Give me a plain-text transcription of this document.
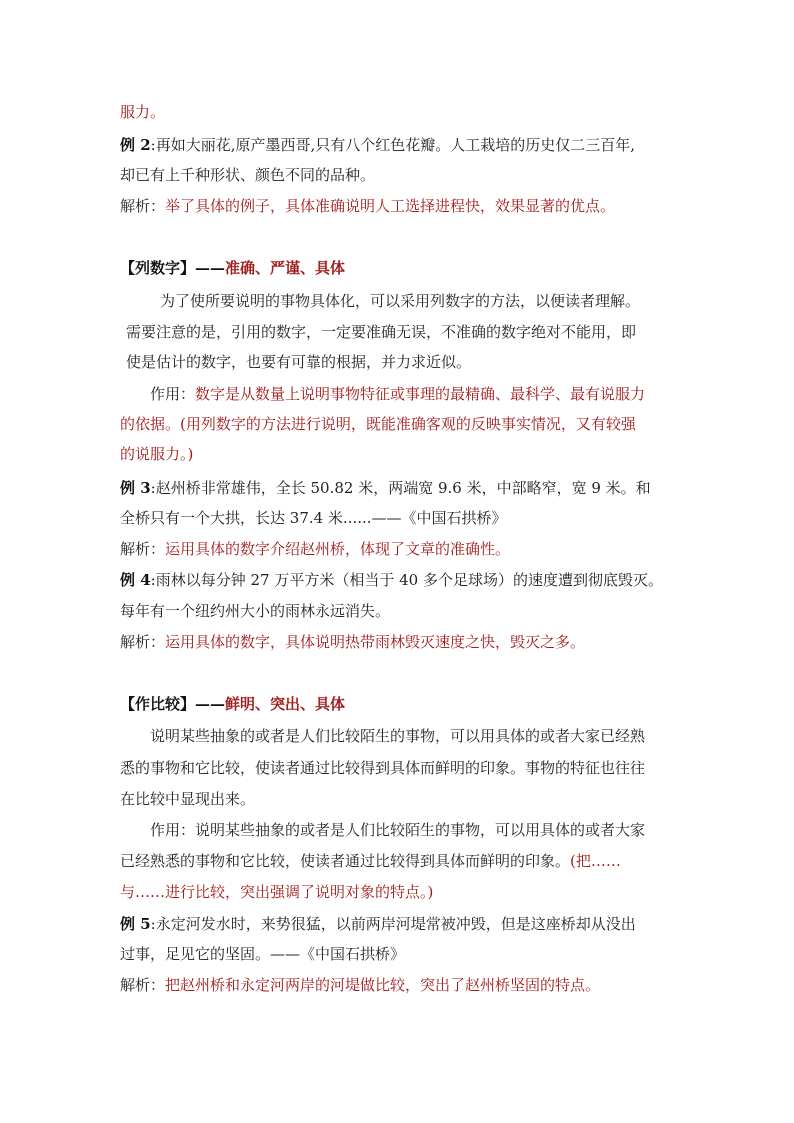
服力。
例 2:再如大丽花,原产墨西哥,只有八个红色花瓣。人工栽培的历史仅二三百年,
却已有上千种形状、颜色不同的品种。
解析：举了具体的例子，具体准确说明人工选择进程快，效果显著的优点。
【列数字】——准确、严谨、具体
为了使所要说明的事物具体化，可以采用列数字的方法，以便读者理解。
需要注意的是，引用的数字，一定要准确无误，不准确的数字绝对不能用，即
使是估计的数字，也要有可靠的根据，并力求近似。
作用：数字是从数量上说明事物特征或事理的最精确、最科学、最有说服力
的依据。(用列数字的方法进行说明，既能准确客观的反映事实情况，又有较强
的说服力。)
例 3:赵州桥非常雄伟，全长 50.82 米，两端宽 9.6 米，中部略窄，宽 9 米。和
全桥只有一个大拱，长达 37.4 米......——《中国石拱桥》
解析：运用具体的数字介绍赵州桥，体现了文章的准确性。
例 4:雨林以每分钟 27 万平方米（相当于 40 多个足球场）的速度遭到彻底毁灭。
每年有一个纽约州大小的雨林永远消失。
解析：运用具体的数字，具体说明热带雨林毁灭速度之快，毁灭之多。
【作比较】——鲜明、突出、具体
说明某些抽象的或者是人们比较陌生的事物，可以用具体的或者大家已经熟
悉的事物和它比较，使读者通过比较得到具体而鲜明的印象。事物的特征也往往
在比较中显现出来。
作用：说明某些抽象的或者是人们比较陌生的事物，可以用具体的或者大家
已经熟悉的事物和它比较，使读者通过比较得到具体而鲜明的印象。(把……
与……进行比较，突出强调了说明对象的特点。)
例 5:永定河发水时，来势很猛，以前两岸河堤常被冲毁，但是这座桥却从没出
过事，足见它的坚固。——《中国石拱桥》
解析：把赵州桥和永定河两岸的河堤做比较，突出了赵州桥坚固的特点。
